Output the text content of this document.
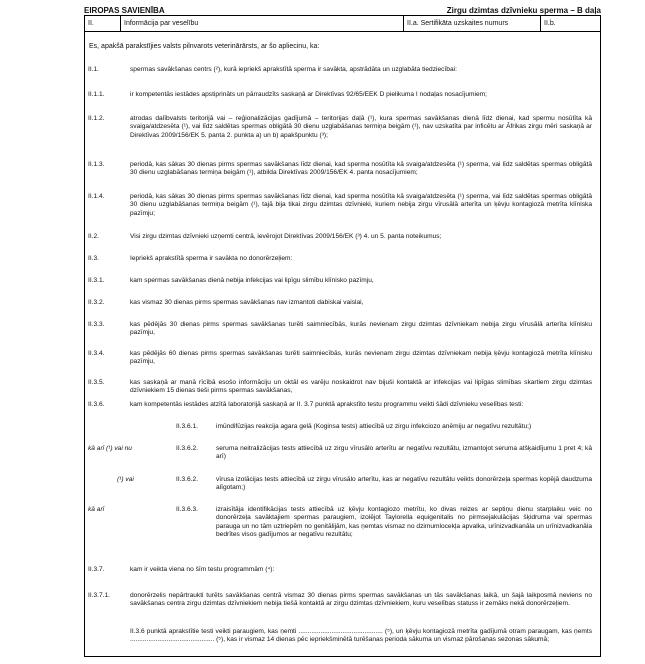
EIROPAS SAVIENĪBA	Zirgu dzimtas dzīvnieku sperma – B daļa
II.	Informācija par veselību	II.a. Sertifikāta uzskaites numurs	II.b.
Es, apakšā parakstījies valsts pilnvarots veterinārārsts, ar šo apliecinu, ka:
II.1.	spermas savākšanas centrs (²), kurā iepriekš aprakstītā sperma ir savākta, apstrādāta un uzglabāta tiedziecībai:
II.1.1.	ir kompetentās iestādes apstiprināts un pārraudzīts saskaņā ar Direktīvas 92/65/EEK D pielikuma I nodaļas nosacījumiem;
II.1.2.	atrodas dalībvalsts teritorijā vai – reģionalizācijas gadījumā – teritorijas daļā (¹), kura spermas savākšanas dienā līdz dienai, kad spermu nosūtīta kā svaiga/atdzesēta (¹), vai līdz saldētas spermas obligātā 30 dienu uzglabāšanas termiņa beigām (¹), nav uzskatīta par inficētu ar Āfrikas zirgu mēri saskaņā ar Direktīvas 2009/156/EK 5. panta 2. punkta a) un b) apakšpunktu (³);
II.1.3.	periodā, kas sākas 30 dienas pirms spermas savākšanas līdz dienai, kad sperma nosūtīta kā svaiga/atdzesēta (¹) sperma, vai līdz saldētas spermas obligātā 30 dienu uzglabāšanas termiņa beigām (¹), atbilda Direktīvas 2009/156/EK 4. panta nosacījumiem;
II.1.4.	periodā, kas sākas 30 dienas pirms spermas savākšanas līdz dienai, kad sperma nosūtīta kā svaiga/atdzesēta (¹) sperma, vai līdz saldētas spermas obligātā 30 dienu uzglabāšanas termiņa beigām (¹), tajā bija tikai zirgu dzimtas dzīvnieki, kuriem nebija zirgu vīrusālā arterīta un ķēvju kontagiozā metrīta klīniska pazīmju;
II.2.	Visi zirgu dzimtas dzīvnieki uzņemti centrā, ievērojot Direktīvas 2009/156/EK (³) 4. un 5. panta noteikumus;
II.3.	Iepriekš aprakstītā sperma ir savākta no donorērzeļiem:
II.3.1.	kam spermas savākšanas dienā nebija infekcijas vai lipīgu slimību klīnisko pazīmju,
II.3.2.	kas vismaz 30 dienas pirms spermas savākšanas nav izmantoti dabiskai vaislai,
II.3.3.	kas pēdējās 30 dienas pirms spermas savākšanas turēti saimniecībās, kurās nevienam zirgu dzimtas dzīvniekam nebija zirgu vīrusālā arterīta klīnisku pazīmju,
II.3.4.	kas pēdējās 60 dienas pirms spermas savākšanas turēti saimniecībās, kurās nevienam zirgu dzimtas dzīvniekam nebija ķēvju kontagiozā metrīta klīnisku pazīmju,
II.3.5.	kas saskaņā ar manā rīcībā esošo informāciju un oktāl es varēju noskaidrot nav bijuši kontaktā ar infekcijas vai lipīgas slimības skartiem zirgu dzimtas dzīvniekiem 15 dienas tieši pirms spermas savākšanas,
II.3.6.	kam kompetentās iestādes atzītā laboratorijā saskaņā ar II. 3.7 punktā aprakstīto testu programmu veikti šādi dzīvnieku veselības testi:
II.3.6.1.	imūndifūzijas reakcija agara gelā (Koginsa tests) attiecībā uz zirgu infekciozo anēmiju ar negatīvu rezultātu;)
kā arī (¹) vai nu	II.3.6.2.	seruma neitralizācijas tests attiecībā uz zirgu vīrusālo arterītu ar negatīvu rezultātu, izmantojot seruma atšķaidījumu 1 pret 4; kā arī)
(¹) vai	II.3.6.2.	vīrusa izolācijas tests attiecībā uz zirgu vīrusālo arterītu, kas ar negatīvu rezultātu veikts donorērzeļa spermas kopējā daudzuma alīgotam;)
kā arī	II.3.6.3.	izraisītāja identifikācijas tests attiecībā uz ķēvju kontagiozo metrītu, ko divas reizes ar septiņu dienu starplaiku veic no donorērzeļa savāktajiem spermas paraugiem, izolējot Taylorella equigenitalis no pirmsejakulācijas šķidruma vai spermas parauga un no tām uztriepēm no genitālijām, kas ņemtas vismaz no dzimumlocekļa apvalka, urīnizvadkanāla un urīnizvadkanāla bedrītes visos gadījumos ar negatīvu rezultātu;
II.3.7.	kam ir veikta viena no šīm testu programmām (⁴):
II.3.7.1.	donorērzelis nepārtraukti turēts savākšanas centrā vismaz 30 dienas pirms spermas savākšanas un tās savākšanas laikā, un šajā laikposmā neviens no savākšanas centra zirgu dzimtas dzīvniekiem nebija tiešā kontaktā ar zirgu dzimtas dzīvniekiem, kuru veselības statuss ir zemāks nekā donorērzeļiem.
II.3.6 punktā aprakstītie testi veikti paraugiem, kas ņemti .............................................. (⁵), un ķēvju kontagiozā metrīta gadījumā otram paraugam, kas ņemts .............................................. (⁵), kas ir vismaz 14 dienas pēc iepriekšminētā turēšanas perioda sākuma un vismaz pārošanas sezonas sākumā;
